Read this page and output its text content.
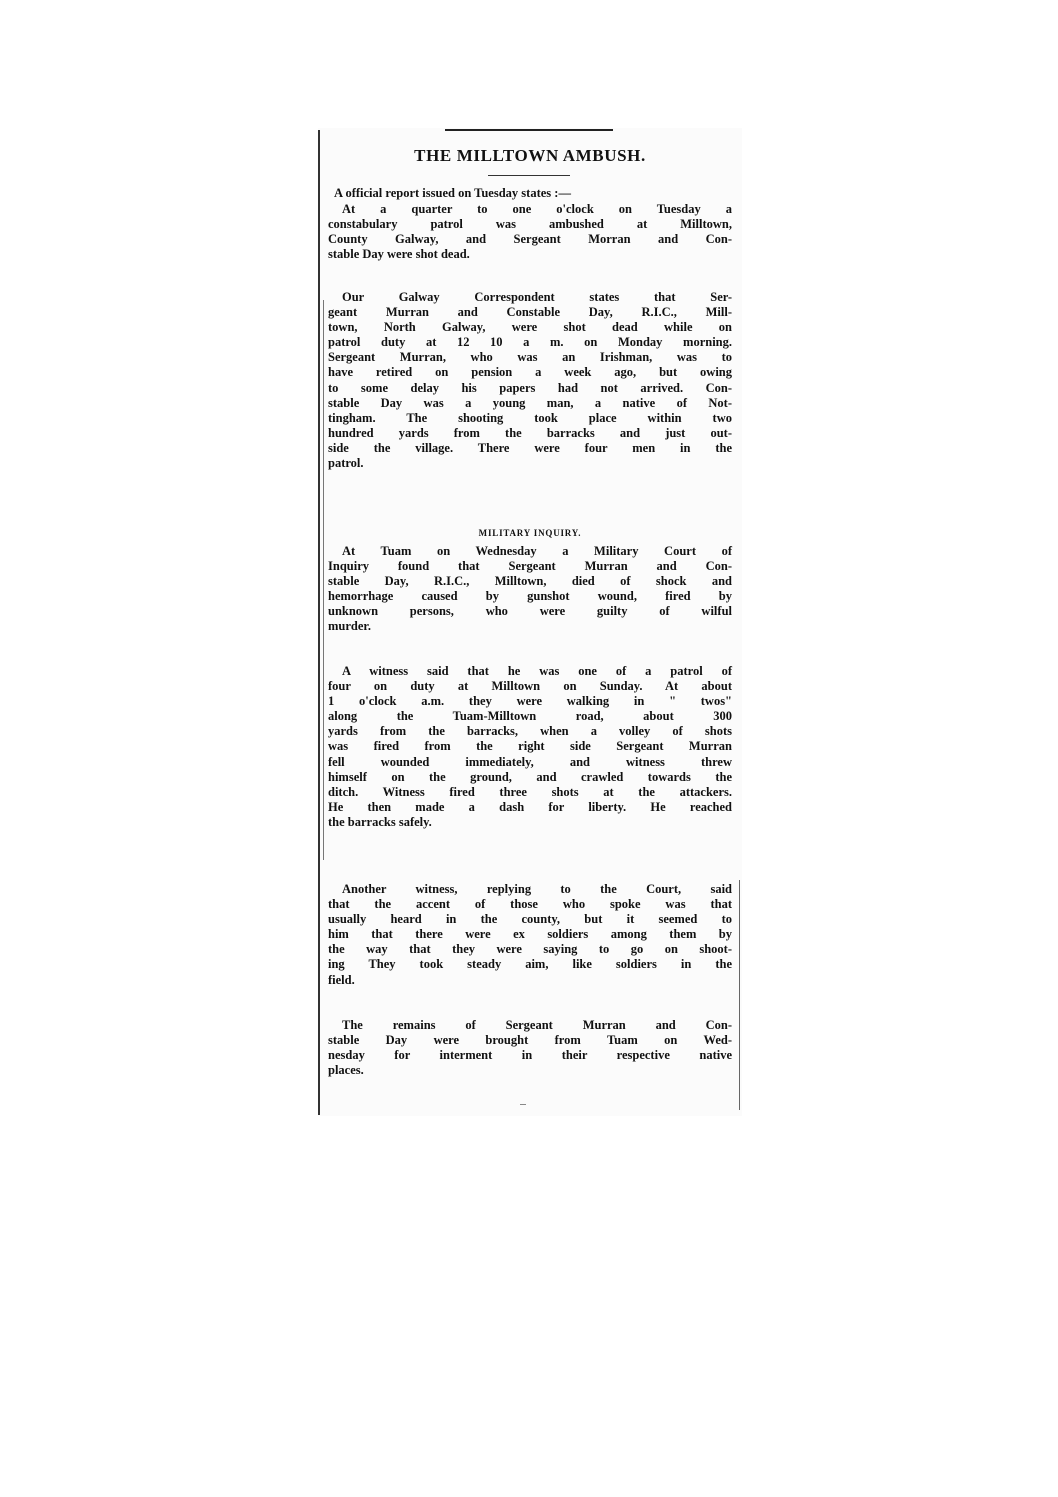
THE MILLTOWN AMBUSH.
A official report issued on Tuesday states :—
At a quarter to one o'clock on Tuesday a
constabulary patrol was ambushed at Milltown,
County Galway, and Sergeant Morran and Con-
stable Day were shot dead.
Our Galway Correspondent states that Ser-
geant Murran and Constable Day, R.I.C., Mill-
town, North Galway, were shot dead while on
patrol duty at 12 10 a m. on Monday morning.
Sergeant Murran, who was an Irishman, was to
have retired on pension a week ago, but owing
to some delay his papers had not arrived. Con-
stable Day was a young man, a native of Not-
tingham. The shooting took place within two
hundred yards from the barracks and just out-
side the village. There were four men in the
patrol.
MILITARY INQUIRY.
At Tuam on Wednesday a Military Court of
Inquiry found that Sergeant Murran and Con-
stable Day, R.I.C., Milltown, died of shock and
hemorrhage caused by gunshot wound, fired by
unknown persons, who were guilty of wilful
murder.
A witness said that he was one of a patrol of
four on duty at Milltown on Sunday. At about
1 o'clock a.m. they were walking in " twos"
along the Tuam-Milltown road, about 300
yards from the barracks, when a volley of shots
was fired from the right side Sergeant Murran
fell wounded immediately, and witness threw
himself on the ground, and crawled towards the
ditch. Witness fired three shots at the attackers.
He then made a dash for liberty. He reached
the barracks safely.
Another witness, replying to the Court, said
that the accent of those who spoke was that
usually heard in the county, but it seemed to
him that there were ex soldiers among them by
the way that they were saying to go on shoot-
ing They took steady aim, like soldiers in the
field.
The remains of Sergeant Murran and Con-
stable Day were brought from Tuam on Wed-
nesday for interment in their respective native
places.
